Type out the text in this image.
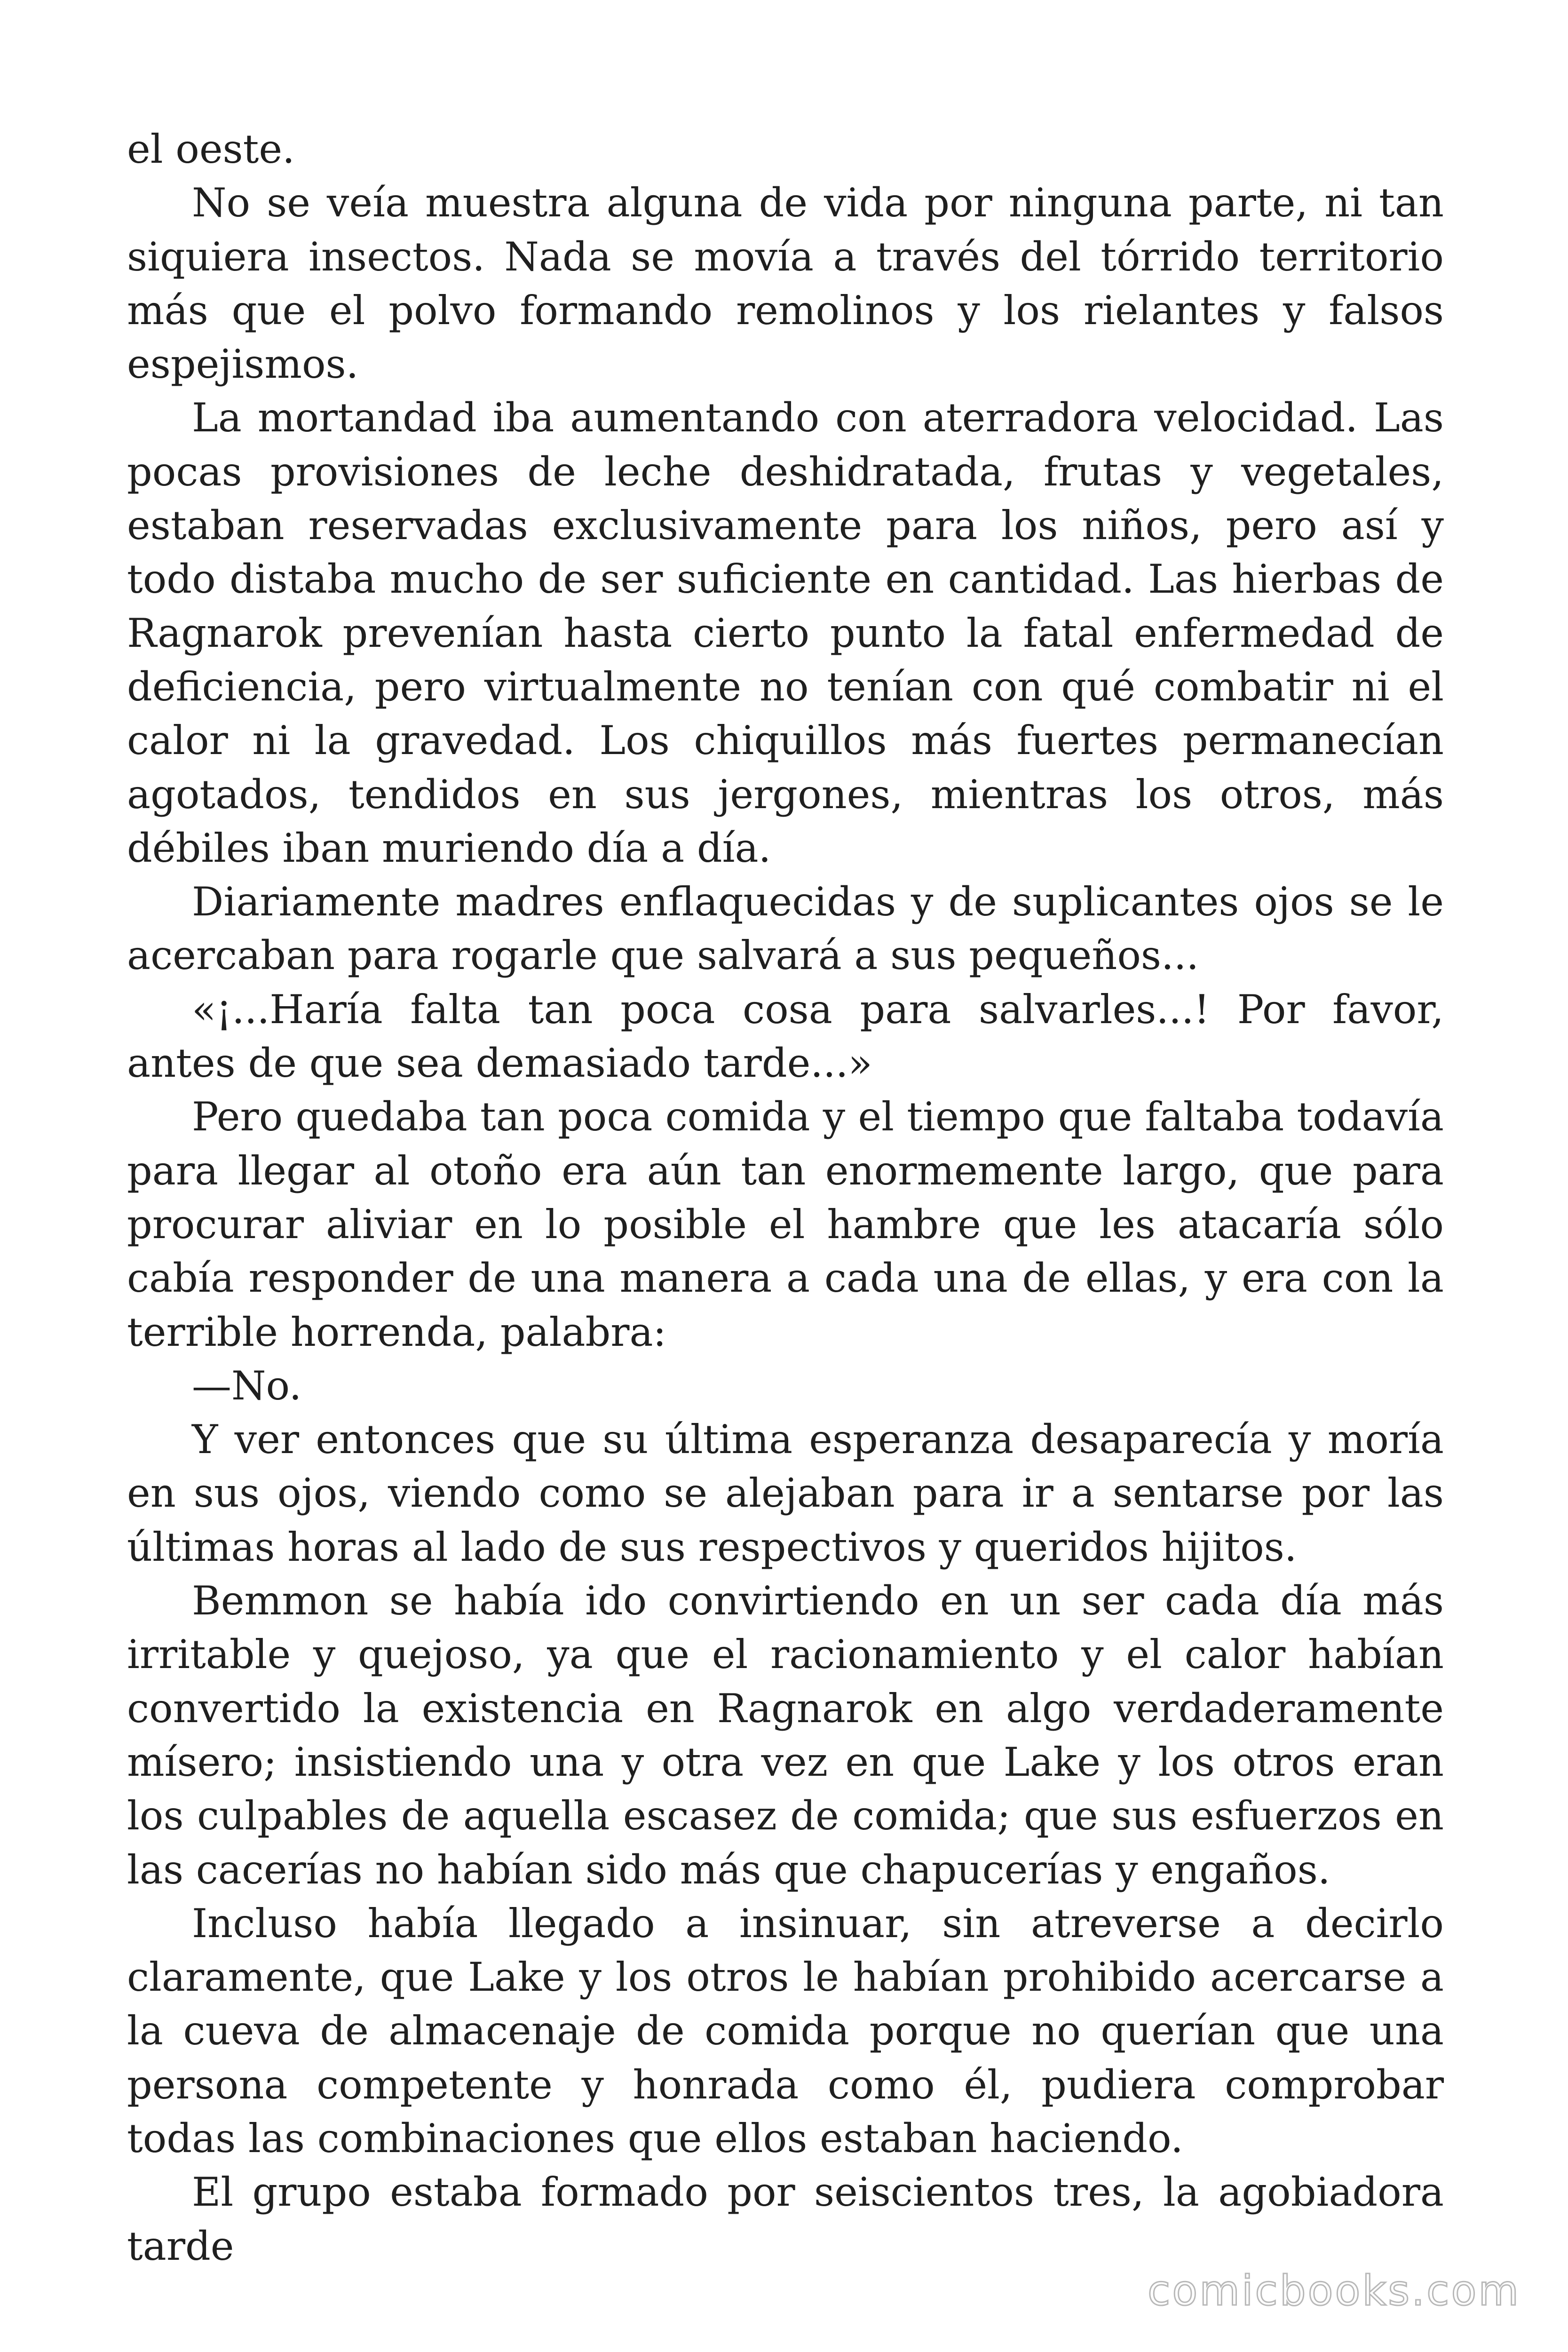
el oeste.

No se veía muestra alguna de vida por ninguna parte, ni tan siquiera insectos. Nada se movía a través del tórrido territorio más que el polvo formando remolinos y los rielantes y falsos espejismos.

La mortandad iba aumentando con aterradora velocidad. Las pocas provisiones de leche deshidratada, frutas y vegetales, estaban reservadas exclusivamente para los niños, pero así y todo distaba mucho de ser suficiente en cantidad. Las hierbas de Ragnarok prevenían hasta cierto punto la fatal enfermedad de deficiencia, pero virtualmente no tenían con qué combatir ni el calor ni la gravedad. Los chiquillos más fuertes permanecían agotados, tendidos en sus jergones, mientras los otros, más débiles iban muriendo día a día.

Diariamente madres enflaquecidas y de suplicantes ojos se le acercaban para rogarle que salvará a sus pequeños...

«¡...Haría falta tan poca cosa para salvarles...! Por favor, antes de que sea demasiado tarde...»

Pero quedaba tan poca comida y el tiempo que faltaba todavía para llegar al otoño era aún tan enormemente largo, que para procurar aliviar en lo posible el hambre que les atacaría sólo cabía responder de una manera a cada una de ellas, y era con la terrible horrenda, palabra:

—No.

Y ver entonces que su última esperanza desaparecía y moría en sus ojos, viendo como se alejaban para ir a sentarse por las últimas horas al lado de sus respectivos y queridos hijitos.

Bemmon se había ido convirtiendo en un ser cada día más irritable y quejoso, ya que el racionamiento y el calor habían convertido la existencia en Ragnarok en algo verdaderamente mísero; insistiendo una y otra vez en que Lake y los otros eran los culpables de aquella escasez de comida; que sus esfuerzos en las cacerías no habían sido más que chapucerías y engaños.

Incluso había llegado a insinuar, sin atreverse a decirlo claramente, que Lake y los otros le habían prohibido acercarse a la cueva de almacenaje de comida porque no querían que una persona competente y honrada como él, pudiera comprobar todas las combinaciones que ellos estaban haciendo.

El grupo estaba formado por seiscientos tres, la agobiadora tarde

comicbooks.com
